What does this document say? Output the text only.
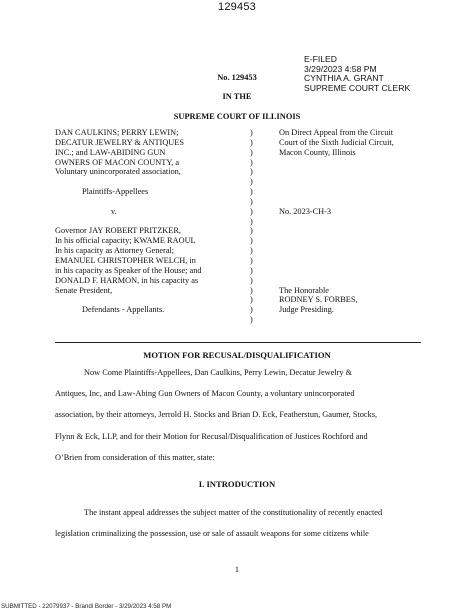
129453
E-FILED
3/29/2023 4:58 PM
CYNTHIA A. GRANT
SUPREME COURT CLERK
No. 129453
IN THE
SUPREME COURT OF ILLINOIS
DAN CAULKINS; PERRY LEWIN;
DECATUR JEWELRY & ANTIQUES
INC.; and LAW-ABIDING GUN
OWNERS OF MACON COUNTY, a
Voluntary unincorporated association,
Plaintiffs-Appellees
v.
Governor JAY ROBERT PRITZKER,
In his official capacity; KWAME RAOUL
In his capacity as Attorney General;
EMANUEL CHRISTOPHER WELCH, in
in his capacity as Speaker of the House; and
DONALD F. HARMON, in his capacity as
Senate President,
Defendants - Appellants.
)
)
)
)
)
)
)
)
)
)
)
)
)
)
)
)
)
)
)
)
On Direct Appeal from the Circuit
Court of the Sixth Judicial Circuit,
Macon County, Illinois
No. 2023-CH-3
The Honorable
RODNEY S. FORBES,
Judge Presiding.
MOTION FOR RECUSAL/DISQUALIFICATION
Now Come Plaintiffs-Appellees, Dan Caulkins, Perry Lewin, Decatur Jewelry &
Antiques, Inc, and Law-Abing Gun Owners of Macon County, a voluntary unincorporated
association, by their attorneys, Jerrold H. Stocks and Brian D. Eck, Featherstun, Gaumer, Stocks,
Flynn & Eck, LLP, and for their Motion for Recusal/Disqualification of Justices Rochford and
O’Brien from consideration of this matter, state:
I. INTRODUCTION
The instant appeal addresses the subject matter of the constitutionality of recently enacted
legislation criminalizing the possession, use or sale of assault weapons for some citizens while
1
SUBMITTED - 22079937 - Brandi Border - 3/29/2023 4:58 PM
